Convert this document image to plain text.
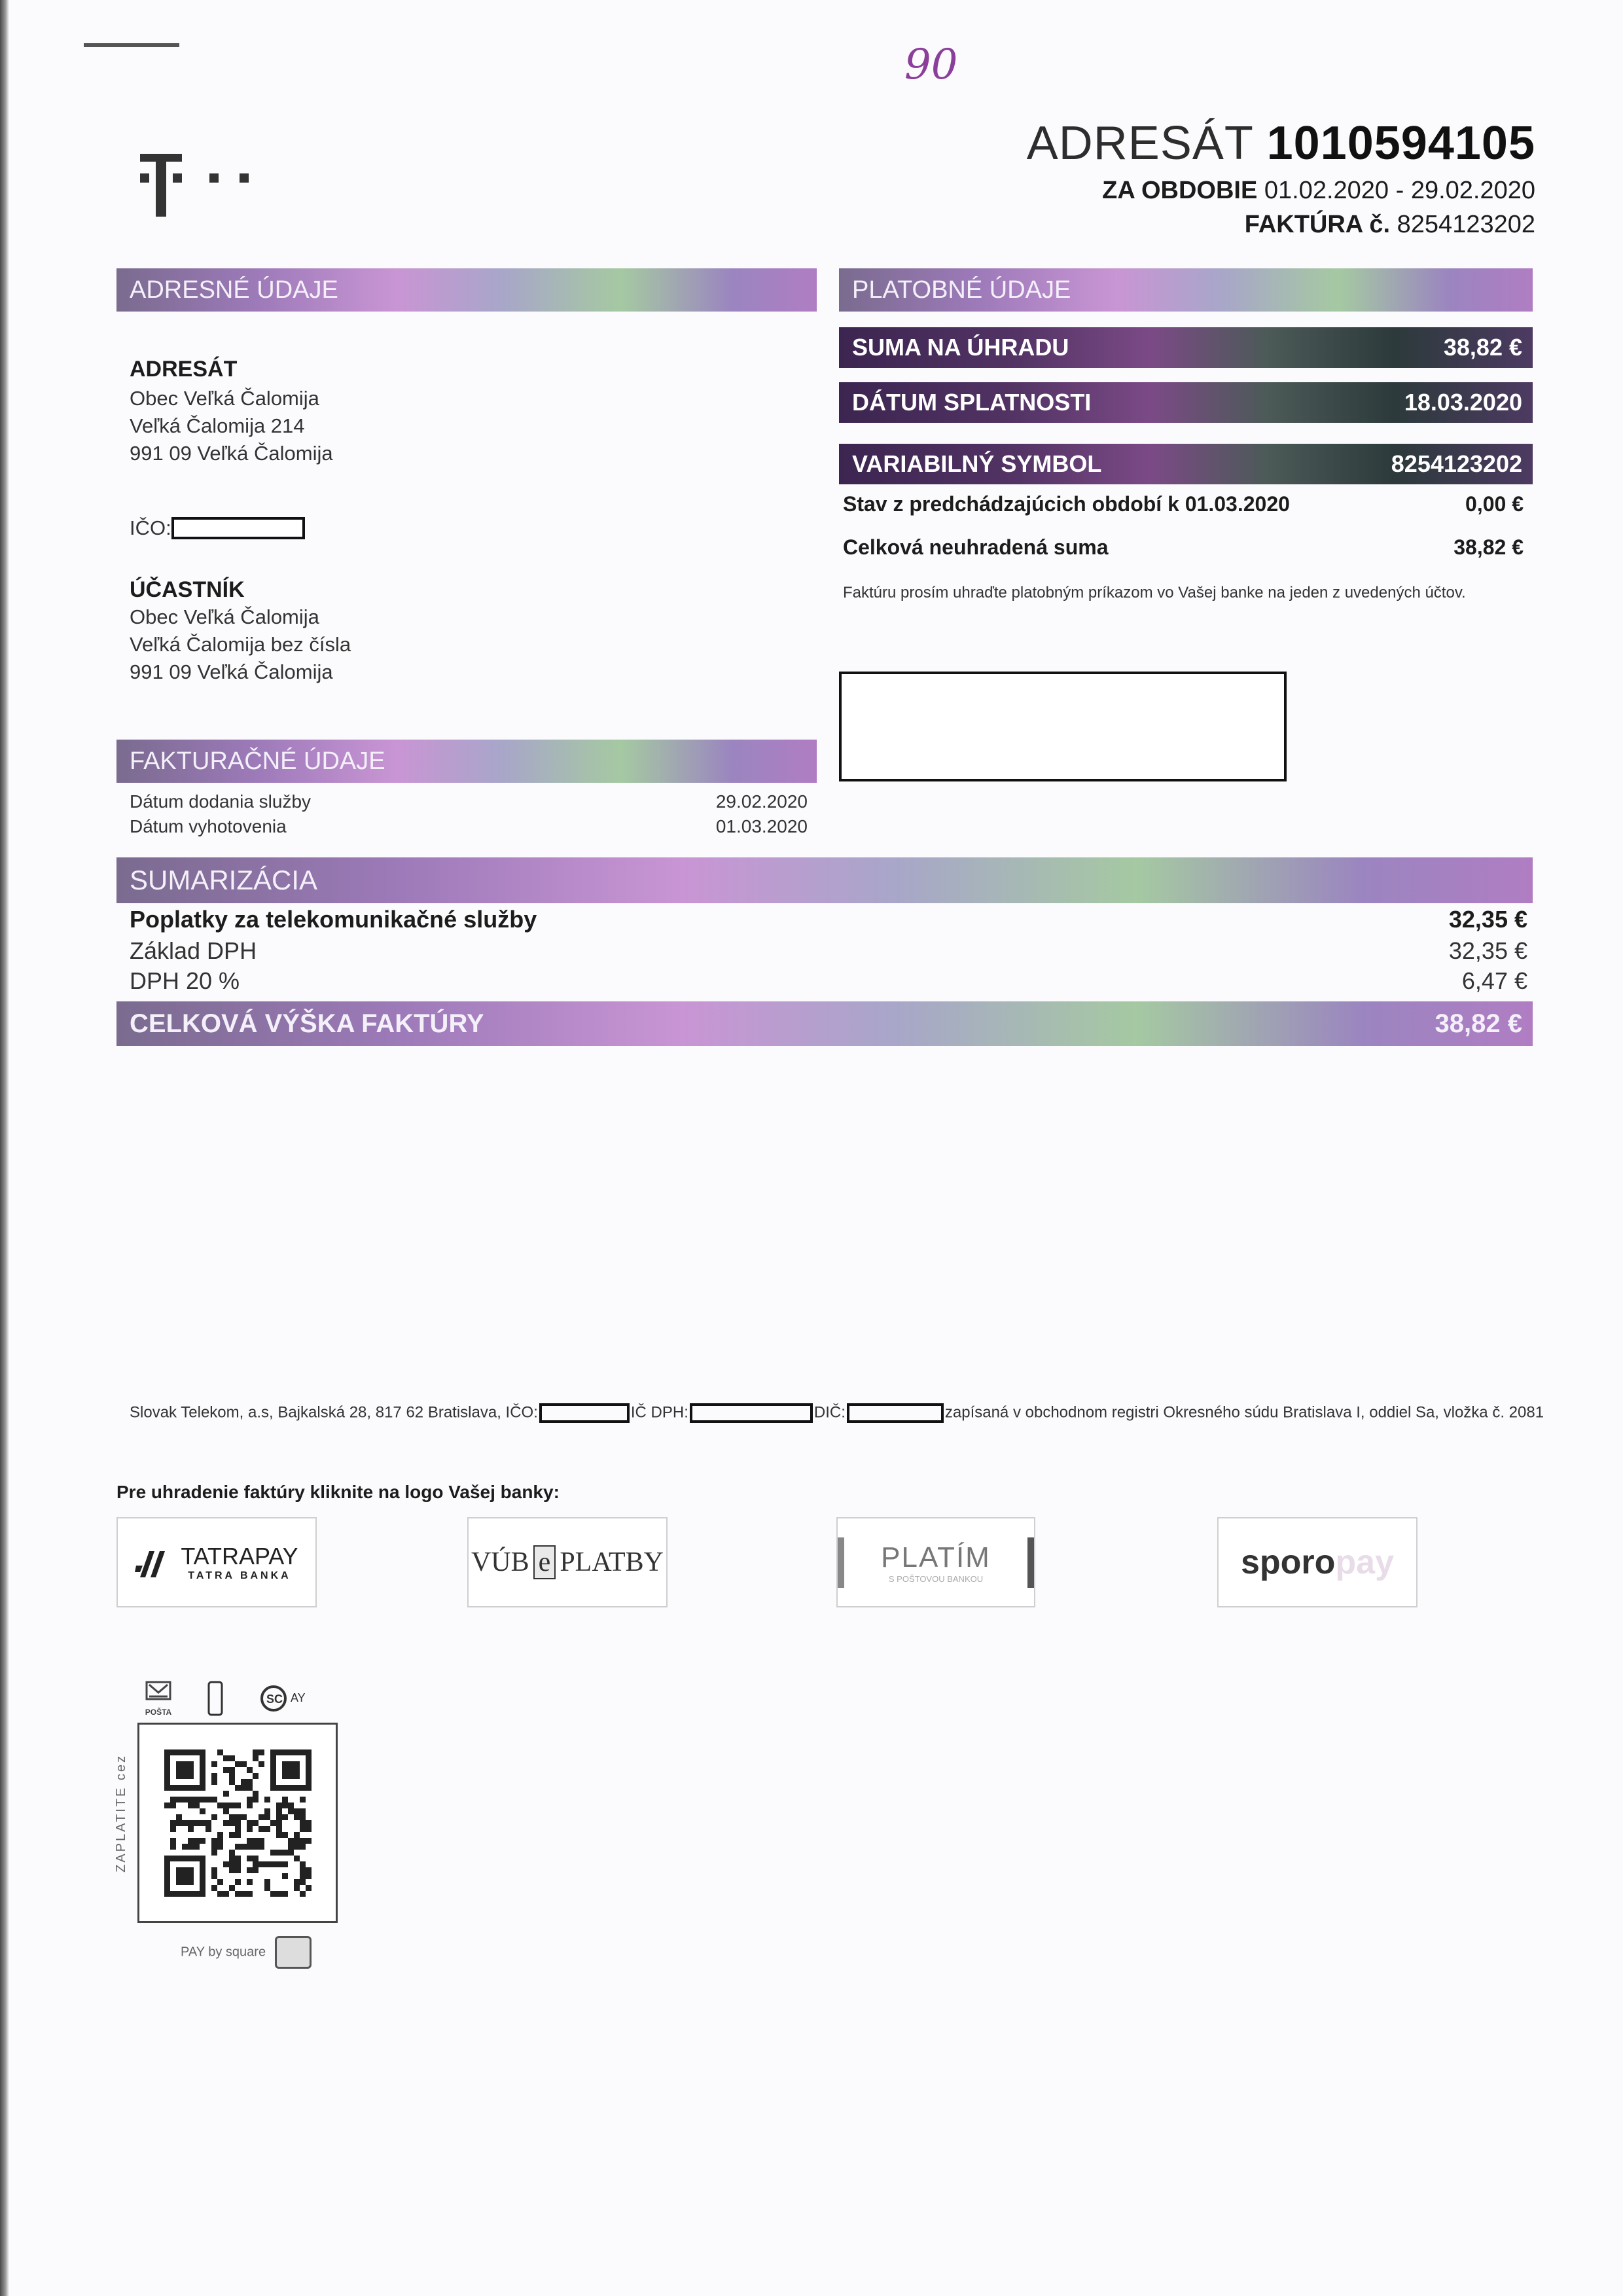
90
ADRESÁT 1010594105
ZA OBDOBIE 01.02.2020 - 29.02.2020
FAKTÚRA č. 8254123202
ADRESNÉ ÚDAJE
ADRESÁT
Obec Veľká Čalomija
Veľká Čalomija 214
991 09 Veľká Čalomija
IČO:
ÚČASTNÍK
Obec Veľká Čalomija
Veľká Čalomija bez čísla
991 09 Veľká Čalomija
FAKTURAČNÉ ÚDAJE
Dátum dodania služby	29.02.2020
Dátum vyhotovenia	01.03.2020
PLATOBNÉ ÚDAJE
SUMA NA ÚHRADU	38,82 €
DÁTUM SPLATNOSTI	18.03.2020
VARIABILNÝ SYMBOL	8254123202
Stav z predchádzajúcich období k 01.03.2020	0,00 €
Celková neuhradená suma	38,82 €
Faktúru prosím uhraďte platobným príkazom vo Vašej banke na jeden z uvedených účtov.
SUMARIZÁCIA
Poplatky za telekomunikačné služby	32,35 €
Základ DPH	32,35 €
DPH 20 %	6,47 €
CELKOVÁ VÝŠKA FAKTÚRY	38,82 €
Slovak Telekom, a.s, Bajkalská 28, 817 62 Bratislava, IČO:	IČ DPH:	DIČ:	zapísaná v obchodnom registri Okresného súdu Bratislava I, oddiel Sa, vložka č. 2081
Pre uhradenie faktúry kliknite na logo Vašej banky:
TATRAPAY
TATRA BANKA	VÚB e PLATBY	PLATÍM
S POŠTOVOU BANKOU	sporo pay
POŠTA
SC AY
ZAPLATITE cez
PAY by square
